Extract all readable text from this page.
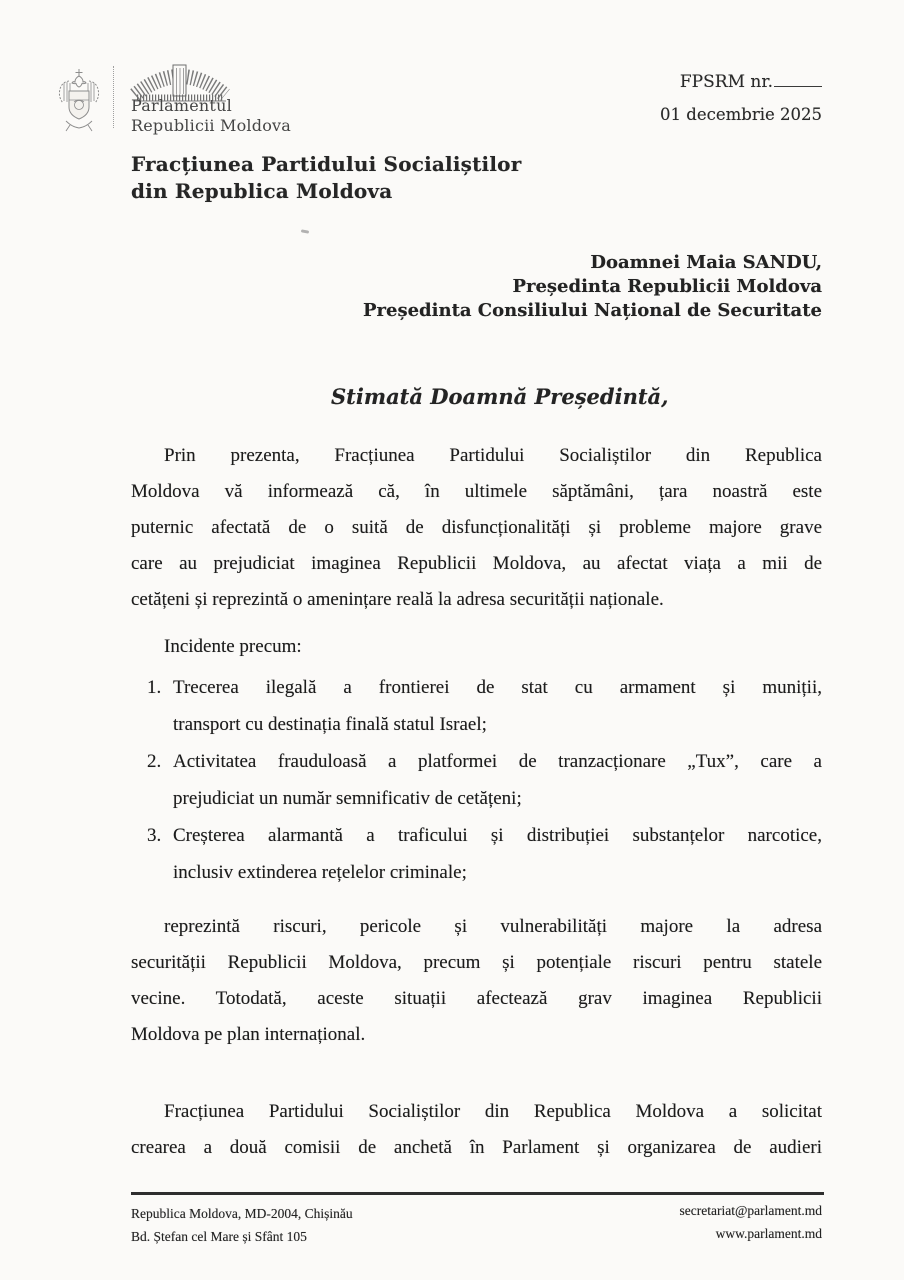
Parlamentul
Republicii Moldova
FPSRM nr.
01 decembrie 2025
Fracțiunea Partidului Socialiștilor
din Republica Moldova
Doamnei Maia SANDU,
Președinta Republicii Moldova
Președinta Consiliului Național de Securitate
Stimată Doamnă Președintă,
Prin prezenta, Fracțiunea Partidului Socialiștilor din Republica
Moldova vă informează că, în ultimele săptămâni, țara noastră este
puternic afectată de o suită de disfuncționalități și probleme majore grave
care au prejudiciat imaginea Republicii Moldova, au afectat viața a mii de
cetățeni și reprezintă o amenințare reală la adresa securității naționale.
Incidente precum:
1. Trecerea ilegală a frontierei de stat cu armament și muniții,
transport cu destinația finală statul Israel;
2. Activitatea frauduloasă a platformei de tranzacționare „Tux”, care a
prejudiciat un număr semnificativ de cetățeni;
3. Creșterea alarmantă a traficului și distribuției substanțelor narcotice,
inclusiv extinderea rețelelor criminale;
reprezintă riscuri, pericole și vulnerabilități majore la adresa
securității Republicii Moldova, precum și potențiale riscuri pentru statele
vecine. Totodată, aceste situații afectează grav imaginea Republicii
Moldova pe plan internațional.
Fracțiunea Partidului Socialiștilor din Republica Moldova a solicitat
crearea a două comisii de anchetă în Parlament și organizarea de audieri
Republica Moldova, MD-2004, Chișinău
Bd. Ștefan cel Mare și Sfânt 105
secretariat@parlament.md
www.parlament.md
